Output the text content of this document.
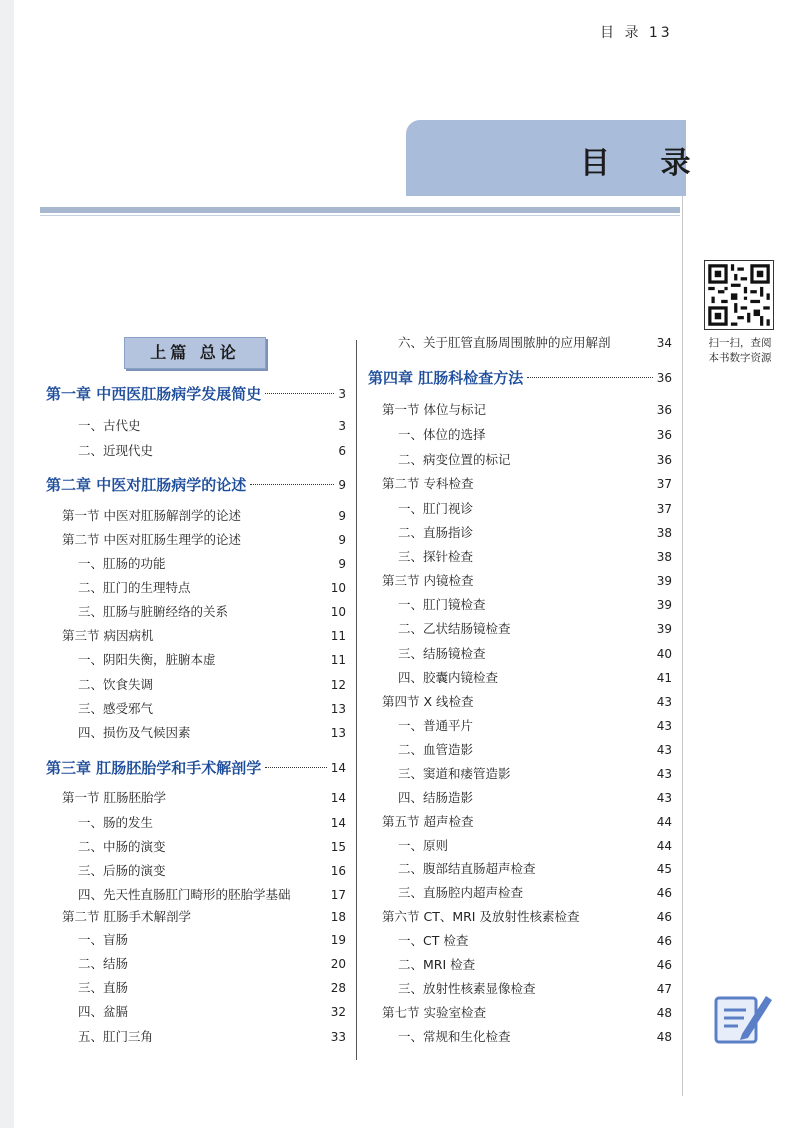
目 录 13
目 录
扫一扫，查阅
本书数字资源
上篇 总论
第一章 中西医肛肠病学发展简史	3
一、古代史	3
二、近现代史	6
第二章 中医对肛肠病学的论述	9
第一节 中医对肛肠解剖学的论述	9
第二节 中医对肛肠生理学的论述	9
一、肛肠的功能	9
二、肛门的生理特点	10
三、肛肠与脏腑经络的关系	10
第三节 病因病机	11
一、阴阳失衡，脏腑本虚	11
二、饮食失调	12
三、感受邪气	13
四、损伤及气候因素	13
第三章 肛肠胚胎学和手术解剖学	14
第一节 肛肠胚胎学	14
一、肠的发生	14
二、中肠的演变	15
三、后肠的演变	16
四、先天性直肠肛门畸形的胚胎学基础	17
第二节 肛肠手术解剖学	18
一、盲肠	19
二、结肠	20
三、直肠	28
四、盆膈	32
五、肛门三角	33
六、关于肛管直肠周围脓肿的应用解剖	34
第四章 肛肠科检查方法	36
第一节 体位与标记	36
一、体位的选择	36
二、病变位置的标记	36
第二节 专科检查	37
一、肛门视诊	37
二、直肠指诊	38
三、探针检查	38
第三节 内镜检查	39
一、肛门镜检查	39
二、乙状结肠镜检查	39
三、结肠镜检查	40
四、胶囊内镜检查	41
第四节 X 线检查	43
一、普通平片	43
二、血管造影	43
三、窦道和瘘管造影	43
四、结肠造影	43
第五节 超声检查	44
一、原则	44
二、腹部结直肠超声检查	45
三、直肠腔内超声检查	46
第六节 CT、MRI 及放射性核素检查	46
一、CT 检查	46
二、MRI 检查	46
三、放射性核素显像检查	47
第七节 实验室检查	48
一、常规和生化检查	48
